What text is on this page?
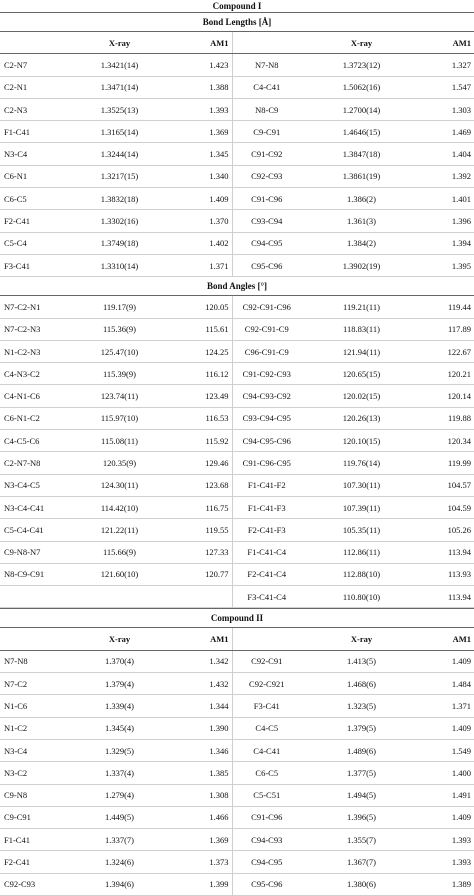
Compound I
Bond Lengths [Å]
	X-ray	AM1		X-ray	AM1
C2-N7	1.3421(14)	1.423	N7-N8	1.3723(12)	1.327
C2-N1	1.3471(14)	1.388	C4-C41	1.5062(16)	1.547
C2-N3	1.3525(13)	1.393	N8-C9	1.2700(14)	1.303
F1-C41	1.3165(14)	1.369	C9-C91	1.4646(15)	1.469
N3-C4	1.3244(14)	1.345	C91-C92	1.3847(18)	1.404
C6-N1	1.3217(15)	1.340	C92-C93	1.3861(19)	1.392
C6-C5	1.3832(18)	1.409	C91-C96	1.386(2)	1.401
F2-C41	1.3302(16)	1.370	C93-C94	1.361(3)	1.396
C5-C4	1.3749(18)	1.402	C94-C95	1.384(2)	1.394
F3-C41	1.3310(14)	1.371	C95-C96	1.3902(19)	1.395
Bond Angles [°]
N7-C2-N1	119.17(9)	120.05	C92-C91-C96	119.21(11)	119.44
N7-C2-N3	115.36(9)	115.61	C92-C91-C9	118.83(11)	117.89
N1-C2-N3	125.47(10)	124.25	C96-C91-C9	121.94(11)	122.67
C4-N3-C2	115.39(9)	116.12	C91-C92-C93	120.65(15)	120.21
C4-N1-C6	123.74(11)	123.49	C94-C93-C92	120.02(15)	120.14
C6-N1-C2	115.97(10)	116.53	C93-C94-C95	120.26(13)	119.88
C4-C5-C6	115.08(11)	115.92	C94-C95-C96	120.10(15)	120.34
C2-N7-N8	120.35(9)	129.46	C91-C96-C95	119.76(14)	119.99
N3-C4-C5	124.30(11)	123.68	F1-C41-F2	107.30(11)	104.57
N3-C4-C41	114.42(10)	116.75	F1-C41-F3	107.39(11)	104.59
C5-C4-C41	121.22(11)	119.55	F2-C41-F3	105.35(11)	105.26
C9-N8-N7	115.66(9)	127.33	F1-C41-C4	112.86(11)	113.94
N8-C9-C91	121.60(10)	120.77	F2-C41-C4	112.88(10)	113.93
			F3-C41-C4	110.80(10)	113.94
Compound II
	X-ray	AM1		X-ray	AM1
N7-N8	1.370(4)	1.342	C92-C91	1.413(5)	1.409
N7-C2	1.379(4)	1.432	C92-C921	1.468(6)	1.484
N1-C6	1.339(4)	1.344	F3-C41	1.323(5)	1.371
N1-C2	1.345(4)	1.390	C4-C5	1.379(5)	1.409
N3-C4	1.329(5)	1.346	C4-C41	1.489(6)	1.549
N3-C2	1.337(4)	1.385	C6-C5	1.377(5)	1.400
C9-N8	1.279(4)	1.308	C5-C51	1.494(5)	1.491
C9-C91	1.449(5)	1.466	C91-C96	1.396(5)	1.409
F1-C41	1.337(7)	1.369	C94-C93	1.355(7)	1.393
F2-C41	1.324(6)	1.373	C94-C95	1.367(7)	1.393
C92-C93	1.394(6)	1.399	C95-C96	1.380(6)	1.389
